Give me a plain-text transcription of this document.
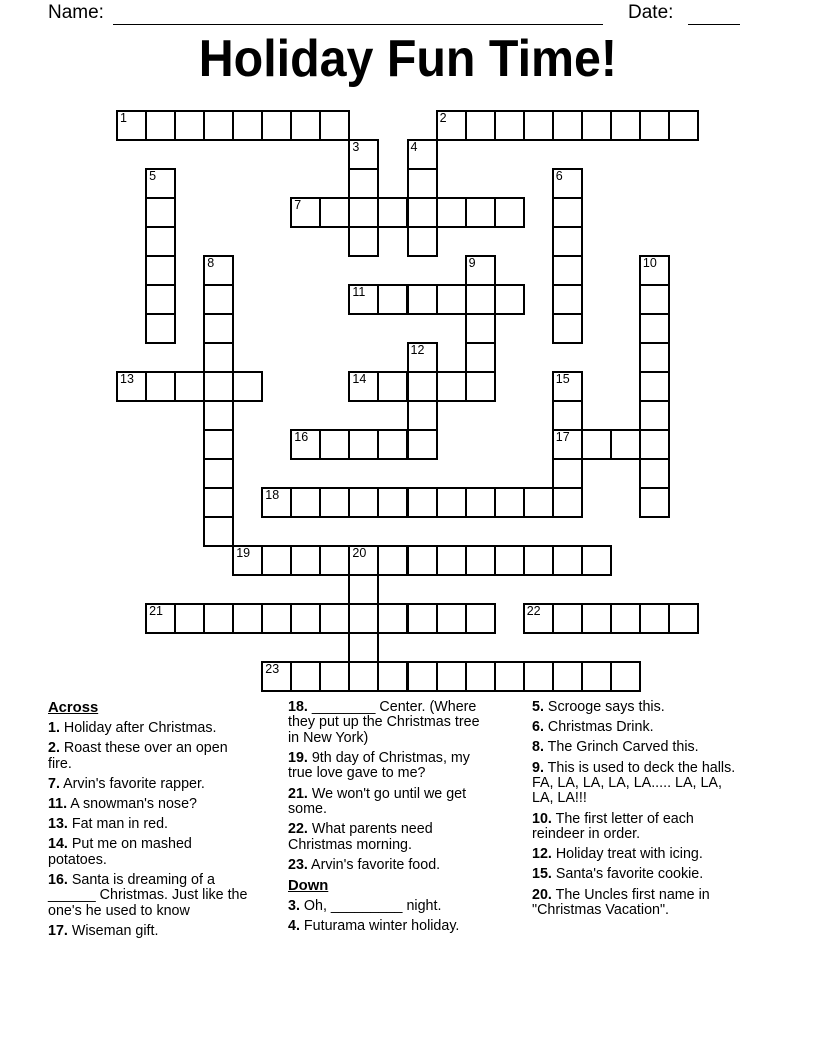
Name:	Date:
Holiday Fun Time!
1	2
3	4
5	6
7
8	9	10
11
12
13	14	15
17
16
18
19	20
21	22
23
Across
1. Holiday after Christmas.
2. Roast these over an open fire.
7. Arvin's favorite rapper.
11. A snowman's nose?
13. Fat man in red.
14. Put me on mashed potatoes.
16. Santa is dreaming of a ______ Christmas. Just like the one's he used to know
17. Wiseman gift.
18. ________ Center. (Where they put up the Christmas tree in New York)
19. 9th day of Christmas, my true love gave to me?
21. We won't go until we get some.
22. What parents need Christmas morning.
23. Arvin's favorite food.
Down
3. Oh, _________ night.
4. Futurama winter holiday.
5. Scrooge says this.
6. Christmas Drink.
8. The Grinch Carved this.
9. This is used to deck the halls. FA, LA, LA, LA, LA..... LA, LA, LA, LA!!!
10. The first letter of each reindeer in order.
12. Holiday treat with icing.
15. Santa's favorite cookie.
20. The Uncles first name in "Christmas Vacation".
